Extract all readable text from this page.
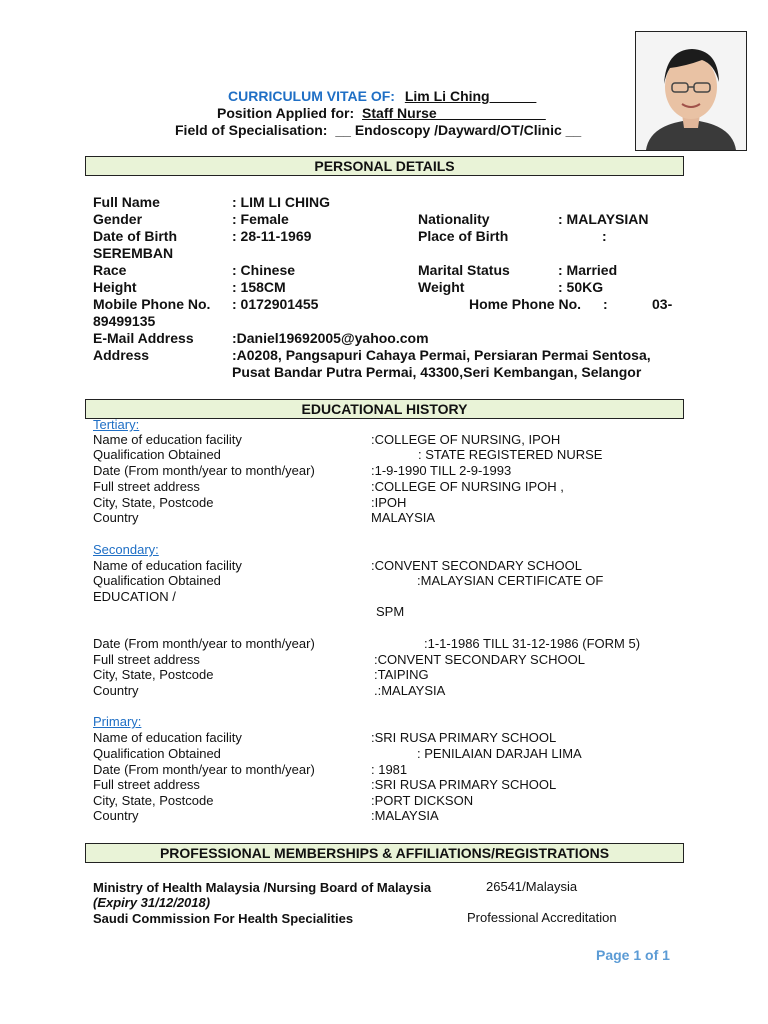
CURRICULUM VITAE OF: Lim Li Ching______
Position Applied for: Staff Nurse______________
Field of Specialisation: __ Endoscopy /Dayward/OT/Clinic __
PERSONAL DETAILS
Full Name	: LIM LI CHING
Gender	: Female	Nationality	: MALAYSIAN
Date of Birth	: 28-11-1969	Place of Birth	:
SEREMBAN
Race	: Chinese	Marital Status	: Married
Height	: 158CM	Weight	: 50KG
Mobile Phone No. : 0172901455	Home Phone No. :	03-
89499135
E-Mail Address	:Daniel19692005@yahoo.com
Address	:A0208, Pangsapuri Cahaya Permai, Persiaran Permai Sentosa,
Pusat Bandar Putra Permai, 43300,Seri Kembangan, Selangor
EDUCATIONAL HISTORY
Tertiary:
Name of education facility	:COLLEGE OF NURSING, IPOH
Qualification Obtained	: STATE REGISTERED NURSE
Date (From month/year to month/year)	:1-9-1990 TILL 2-9-1993
Full street address	:COLLEGE OF NURSING IPOH ,
City, State, Postcode	:IPOH
Country	MALAYSIA
Secondary:
Name of education facility	:CONVENT SECONDARY SCHOOL
Qualification Obtained	:MALAYSIAN CERTIFICATE OF
EDUCATION /
SPM
Date (From month/year to month/year)	:1-1-1986 TILL 31-12-1986 (FORM 5)
Full street address	:CONVENT SECONDARY SCHOOL
City, State, Postcode	:TAIPING
Country	.:MALAYSIA
Primary:
Name of education facility	:SRI RUSA PRIMARY SCHOOL
Qualification Obtained	: PENILAIAN DARJAH LIMA
Date (From month/year to month/year)	: 1981
Full street address	:SRI RUSA PRIMARY SCHOOL
City, State, Postcode	:PORT DICKSON
Country	:MALAYSIA
PROFESSIONAL MEMBERSHIPS & AFFILIATIONS/REGISTRATIONS
Ministry of Health Malaysia /Nursing Board of Malaysia	26541/Malaysia
(Expiry 31/12/2018)
Saudi Commission For Health Specialities	Professional Accreditation
Page 1 of 1
